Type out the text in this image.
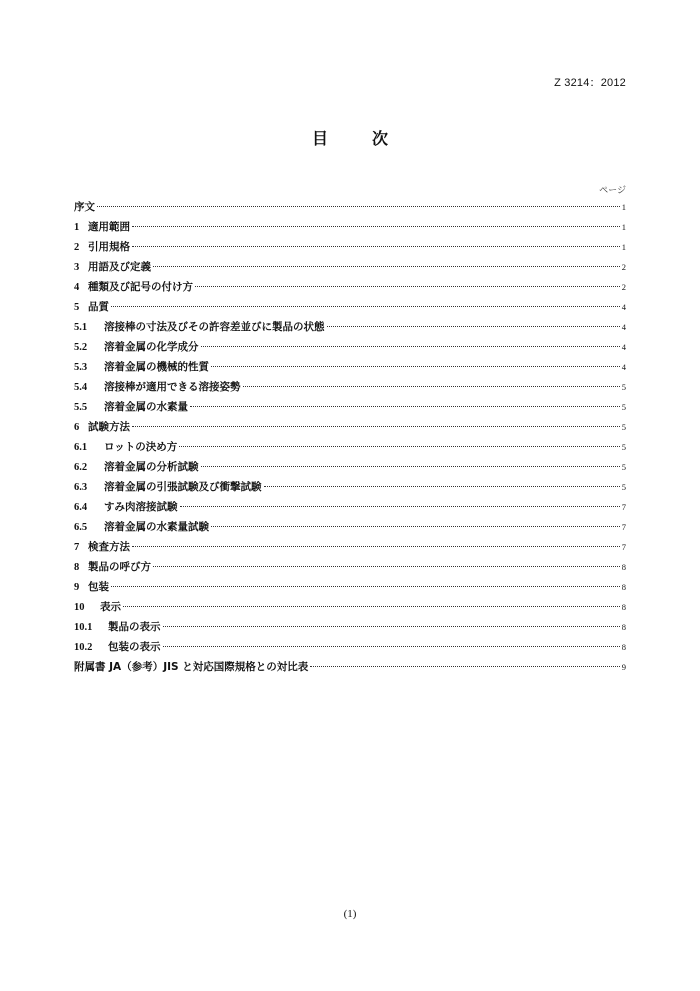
Z 3214：2012
目　次
ページ
序文	1
1 適用範囲	1
2 引用規格	1
3 用語及び定義	2
4 種類及び記号の付け方	2
5 品質	4
5.1	溶接棒の寸法及びその許容差並びに製品の状態	4
5.2	溶着金属の化学成分	4
5.3	溶着金属の機械的性質	4
5.4	溶接棒が適用できる溶接姿勢	5
5.5	溶着金属の水素量	5
6 試験方法	5
6.1	ロットの決め方	5
6.2	溶着金属の分析試験	5
6.3	溶着金属の引張試験及び衝撃試験	5
6.4	すみ肉溶接試験	7
6.5	溶着金属の水素量試験	7
7 検査方法	7
8 製品の呼び方	8
9 包装	8
10	表示	8
10.1	製品の表示	8
10.2	包装の表示	8
附属書 JA（参考）JIS と対応国際規格との対比表	9
(1)
